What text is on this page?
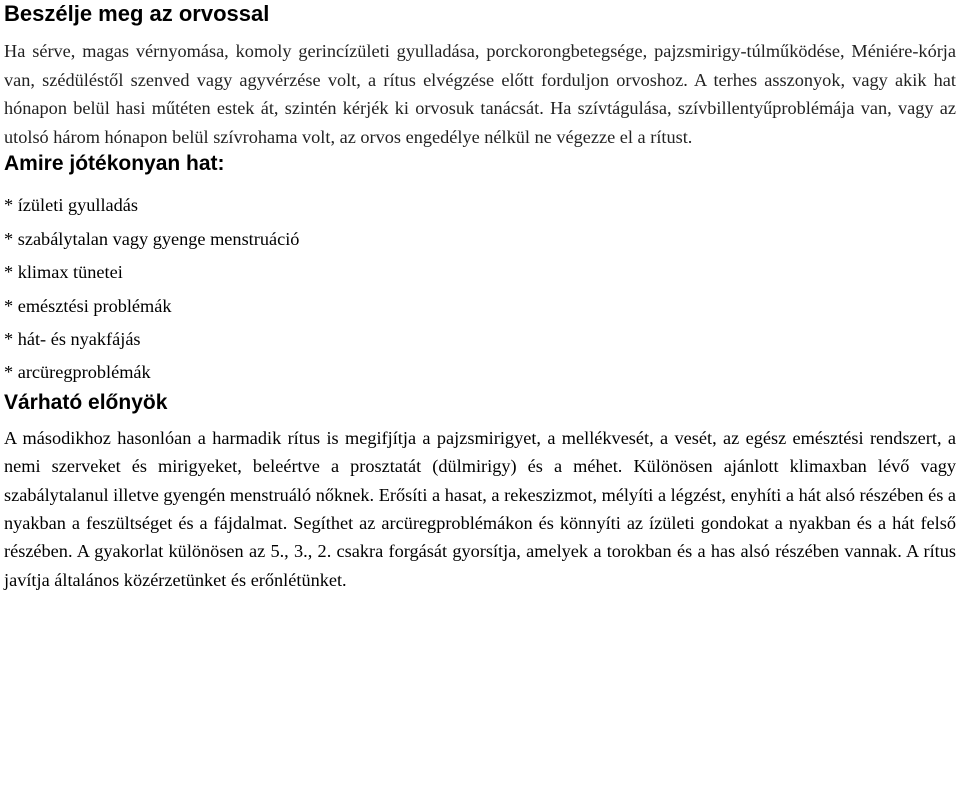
Beszélje meg az orvossal

Ha sérve, magas vérnyomása, komoly gerincízületi gyulladása, porckorongbetegsége, pajzsmirigy-túlműködése, Méniére-kórja van, szédüléstől szenved vagy agyvérzése volt, a rítus elvégzése előtt forduljon orvoshoz. A terhes asszonyok, vagy akik hat hónapon belül hasi műtéten estek át, szintén kérjék ki orvosuk tanácsát. Ha szívtágulása, szívbillentyűproblémája van, vagy az utolsó három hónapon belül szívrohama volt, az orvos engedélye nélkül ne végezze el a rítust.

Amire jótékonyan hat:
* ízületi gyulladás
* szabálytalan vagy gyenge menstruáció
* klimax tünetei
* emésztési problémák
* hát- és nyakfájás
* arcüregproblémák
Várható előnyök

A másodikhoz hasonlóan a harmadik rítus is megifjítja a pajzsmirigyet, a mellékvesét, a vesét, az egész emésztési rendszert, a nemi szerveket és mirigyeket, beleértve a prosztatát (dülmirigy) és a méhet. Különösen ajánlott klimaxban lévő vagy szabálytalanul illetve gyengén menstruáló nőknek. Erősíti a hasat, a rekeszizmot, mélyíti a légzést, enyhíti a hát alsó részében és a nyakban a feszültséget és a fájdalmat. Segíthet az arcüregproblémákon és könnyíti az ízületi gondokat a nyakban és a hát felső részében. A gyakorlat különösen az 5., 3., 2. csakra forgását gyorsítja, amelyek a torokban és a has alsó részében vannak. A rítus javítja általános közérzetünket és erőnlétünket.
